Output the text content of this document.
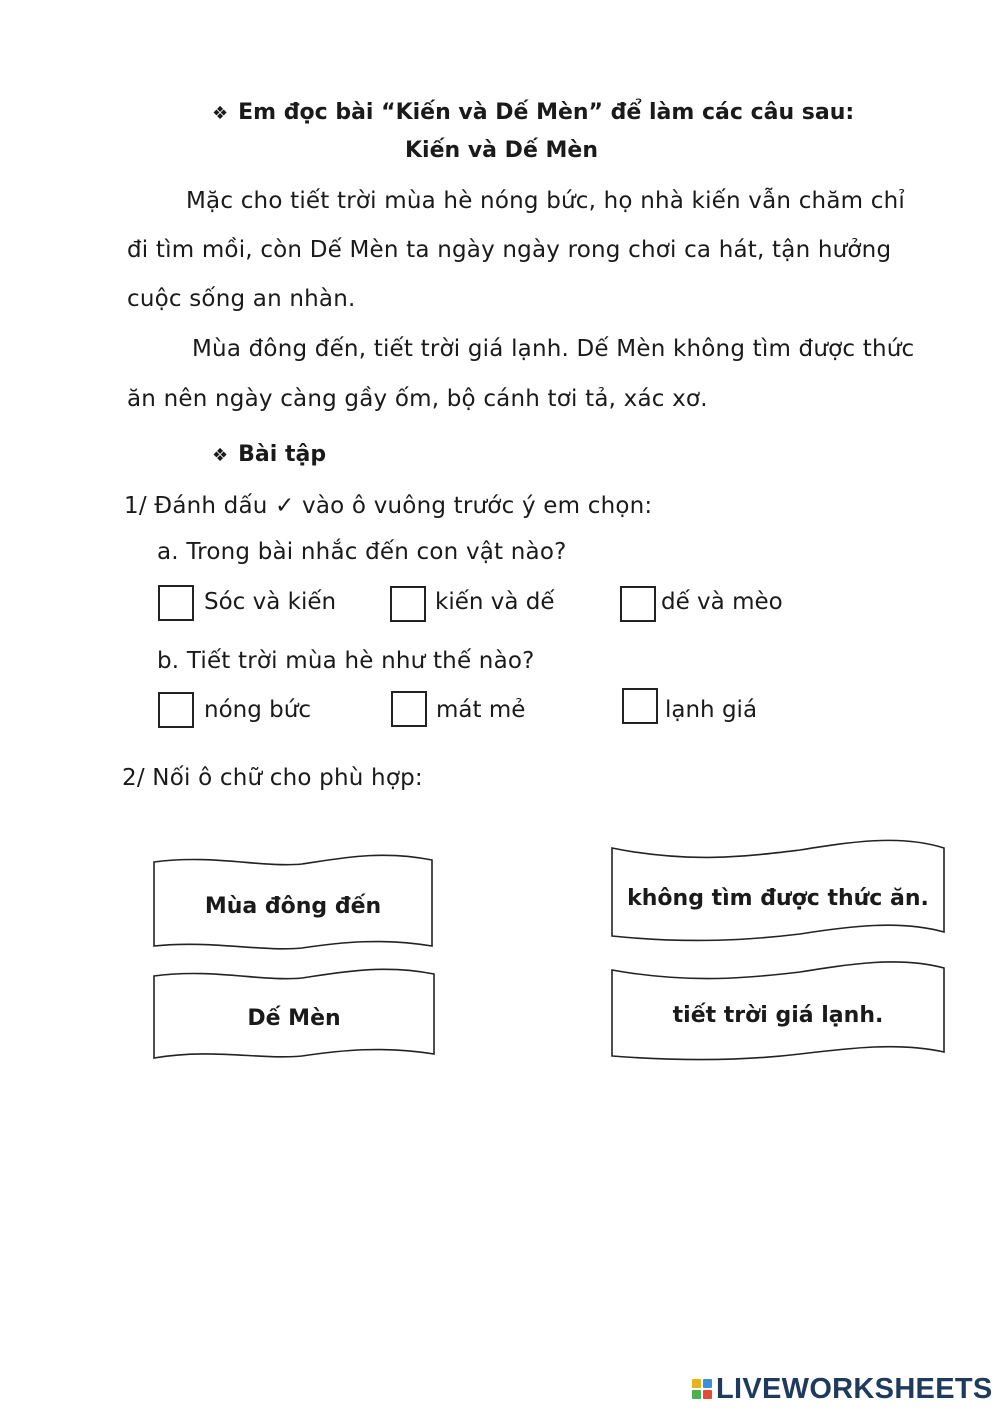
❖ Em đọc bài “Kiến và Dế Mèn” để làm các câu sau:
Kiến và Dế Mèn
Mặc cho tiết trời mùa hè nóng bức, họ nhà kiến vẫn chăm chỉ
đi tìm mồi, còn Dế Mèn ta ngày ngày rong chơi ca hát, tận hưởng
cuộc sống an nhàn.
Mùa đông đến, tiết trời giá lạnh. Dế Mèn không tìm được thức
ăn nên ngày càng gầy ốm, bộ cánh tơi tả, xác xơ.
❖ Bài tập
1/ Đánh dấu ✓ vào ô vuông trước ý em chọn:
a. Trong bài nhắc đến con vật nào?
Sóc và kiến	kiến và dế	dế và mèo
b. Tiết trời mùa hè như thế nào?
nóng bức	mát mẻ	lạnh giá
2/ Nối ô chữ cho phù hợp:
Mùa đông đến
Dế Mèn
không tìm được thức ăn.
tiết trời giá lạnh.
LIVEWORKSHEETS
